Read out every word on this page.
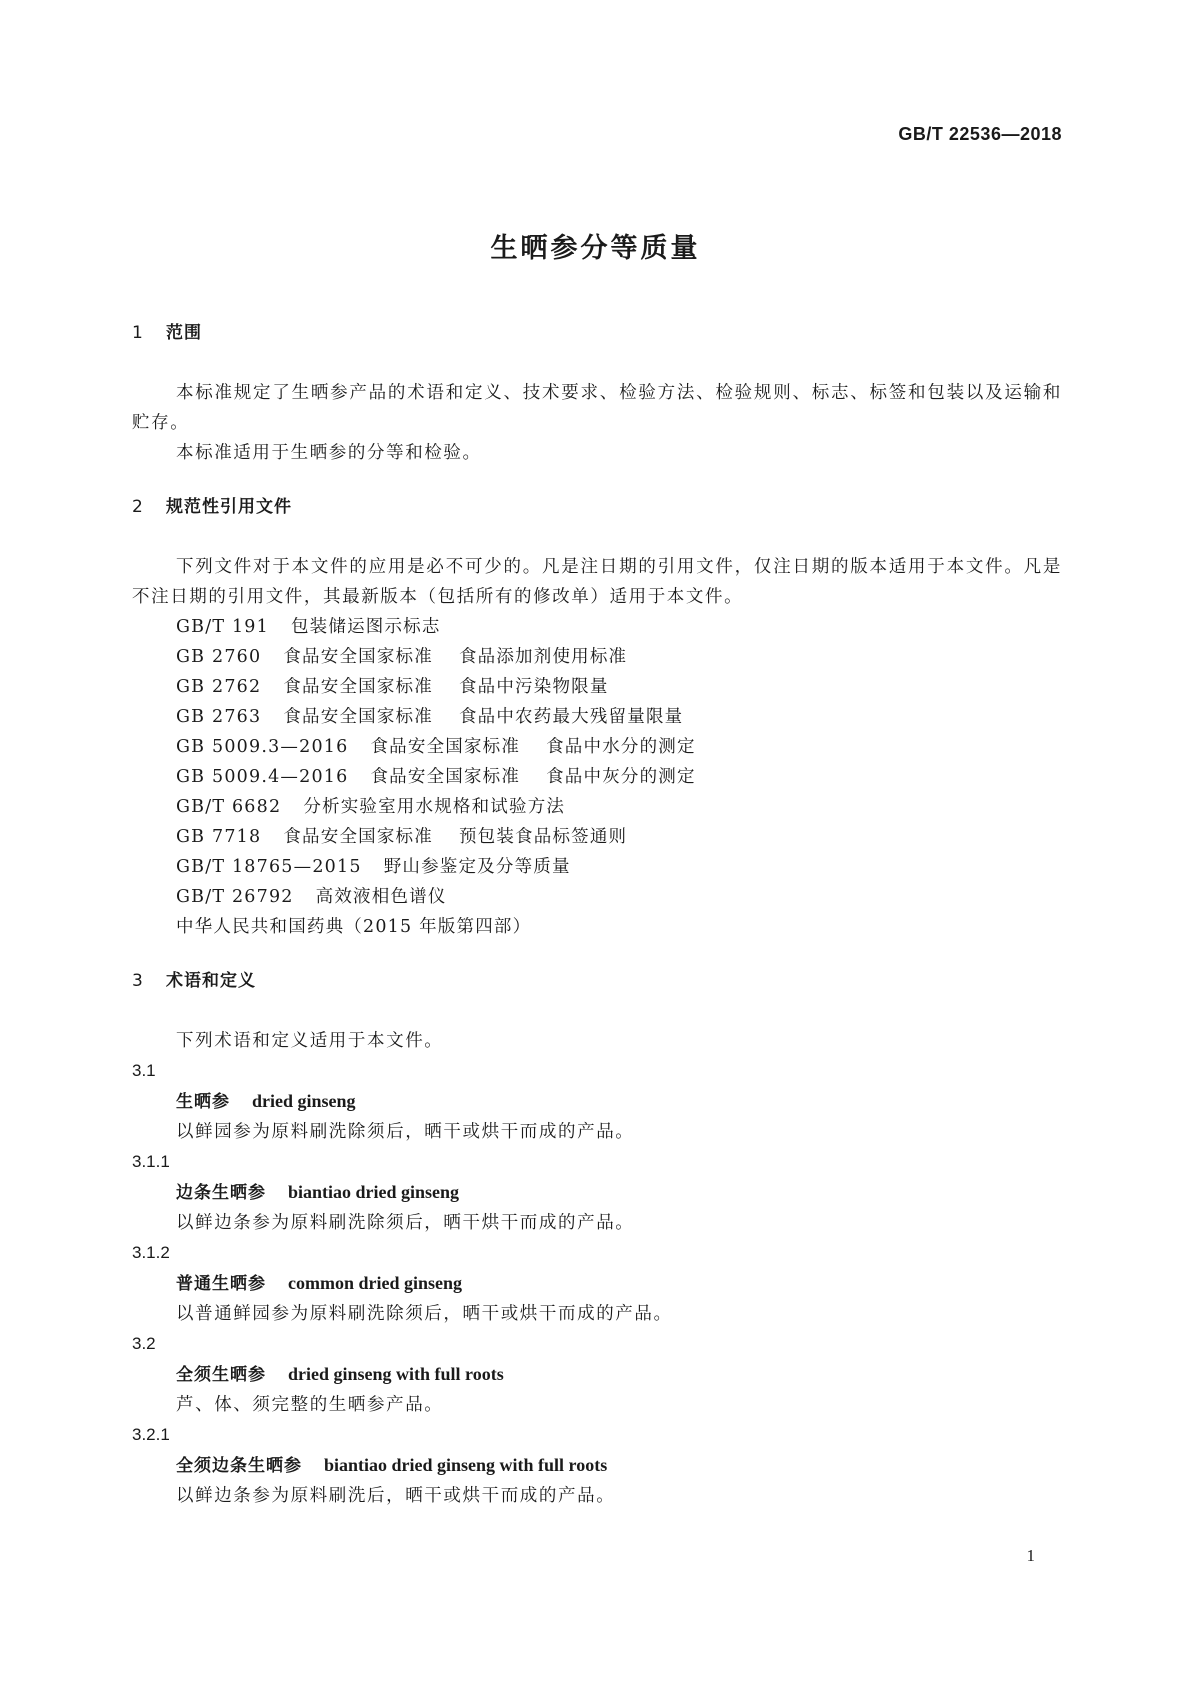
GB/T 22536—2018
生晒参分等质量
1 范围
本标准规定了生晒参产品的术语和定义、技术要求、检验方法、检验规则、标志、标签和包装以及运输和贮存。
本标准适用于生晒参的分等和检验。
2 规范性引用文件
下列文件对于本文件的应用是必不可少的。凡是注日期的引用文件，仅注日期的版本适用于本文件。凡是不注日期的引用文件，其最新版本（包括所有的修改单）适用于本文件。
GB/T 191 包装储运图示标志
GB 2760 食品安全国家标准 食品添加剂使用标准
GB 2762 食品安全国家标准 食品中污染物限量
GB 2763 食品安全国家标准 食品中农药最大残留量限量
GB 5009.3—2016 食品安全国家标准 食品中水分的测定
GB 5009.4—2016 食品安全国家标准 食品中灰分的测定
GB/T 6682 分析实验室用水规格和试验方法
GB 7718 食品安全国家标准 预包装食品标签通则
GB/T 18765—2015 野山参鉴定及分等质量
GB/T 26792 高效液相色谱仪
中华人民共和国药典（2015 年版第四部）
3 术语和定义
下列术语和定义适用于本文件。
3.1
生晒参 dried ginseng
以鲜园参为原料刷洗除须后，晒干或烘干而成的产品。
3.1.1
边条生晒参 biantiao dried ginseng
以鲜边条参为原料刷洗除须后，晒干烘干而成的产品。
3.1.2
普通生晒参 common dried ginseng
以普通鲜园参为原料刷洗除须后，晒干或烘干而成的产品。
3.2
全须生晒参 dried ginseng with full roots
芦、体、须完整的生晒参产品。
3.2.1
全须边条生晒参 biantiao dried ginseng with full roots
以鲜边条参为原料刷洗后，晒干或烘干而成的产品。
1
